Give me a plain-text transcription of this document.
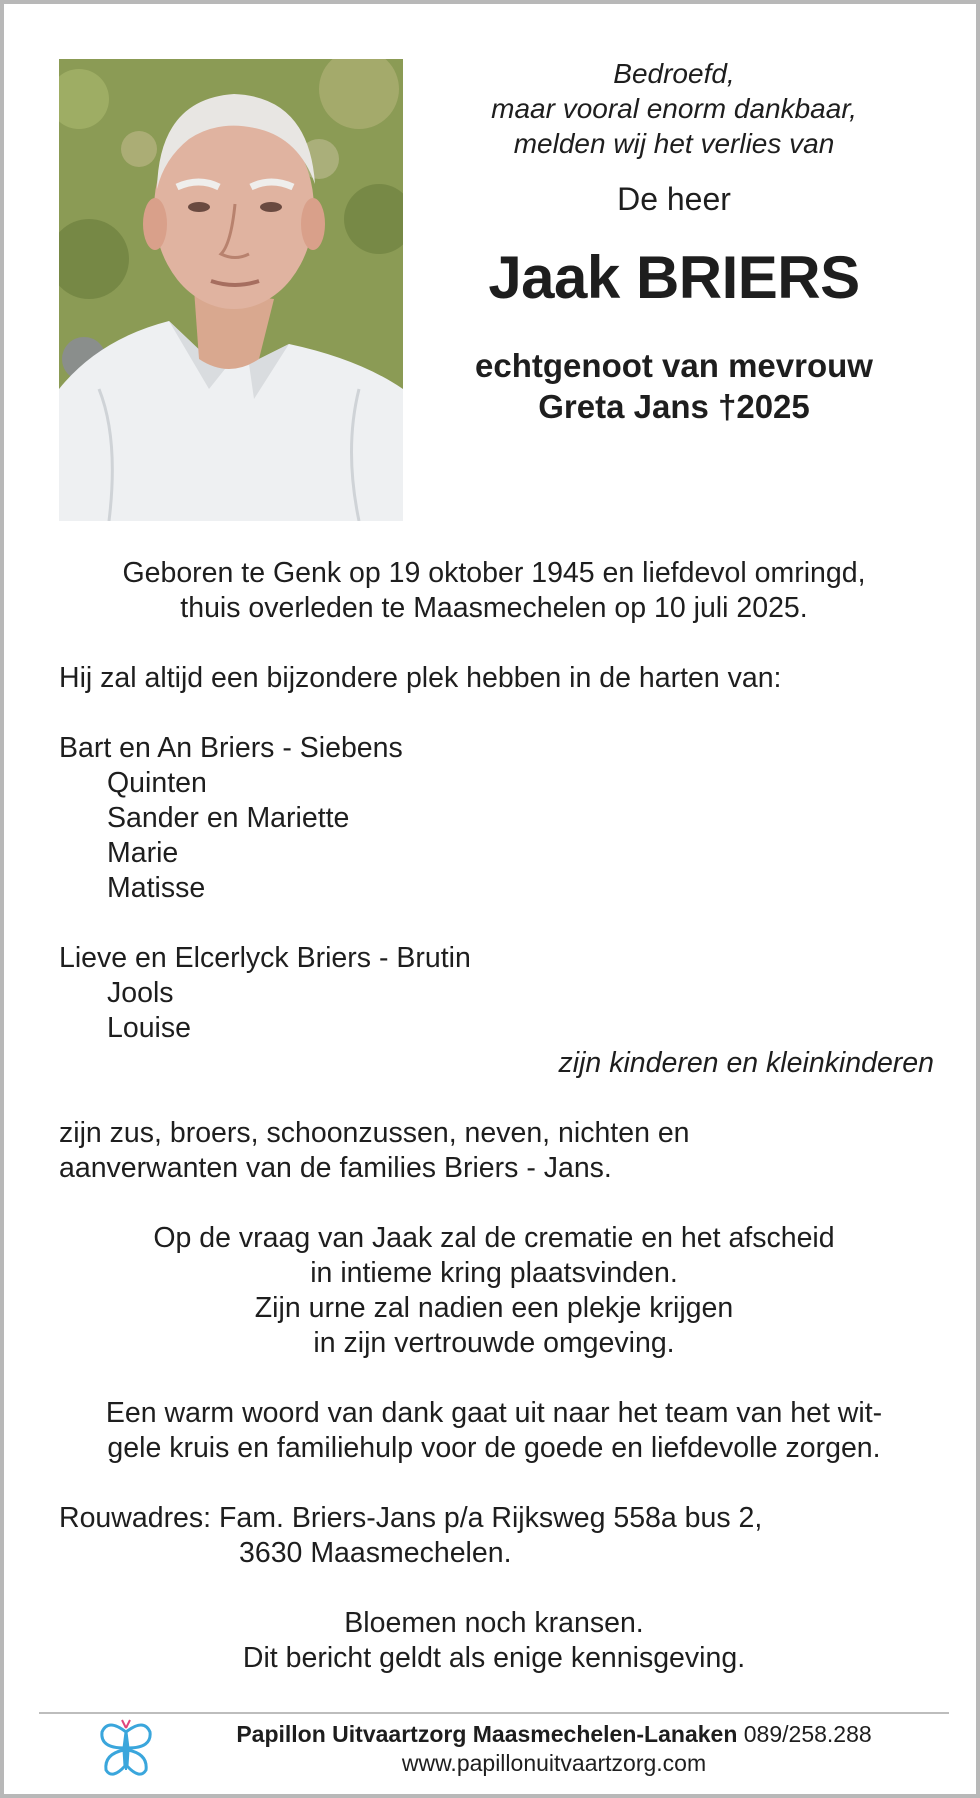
Bedroefd,
maar vooral enorm dankbaar,
melden wij het verlies van
De heer
Jaak BRIERS
echtgenoot van mevrouw
Greta Jans †2025
Geboren te Genk op 19 oktober 1945 en liefdevol omringd,
thuis overleden te Maasmechelen op 10 juli 2025.
Hij zal altijd een bijzondere plek hebben in de harten van:
Bart en An Briers - Siebens
Quinten
Sander en Mariette
Marie
Matisse
Lieve en Elcerlyck Briers - Brutin
Jools
Louise
zijn kinderen en kleinkinderen
zijn zus, broers, schoonzussen, neven, nichten en
aanverwanten van de families Briers - Jans.
Op de vraag van Jaak zal de crematie en het afscheid
in intieme kring plaatsvinden.
Zijn urne zal nadien een plekje krijgen
in zijn vertrouwde omgeving.
Een warm woord van dank gaat uit naar het team van het wit-
gele kruis en familiehulp voor de goede en liefdevolle zorgen.
Rouwadres: Fam. Briers-Jans p/a Rijksweg 558a bus 2,
3630 Maasmechelen.
Bloemen noch kransen.
Dit bericht geldt als enige kennisgeving.
Papillon Uitvaartzorg Maasmechelen-Lanaken 089/258.288
www.papillonuitvaartzorg.com
